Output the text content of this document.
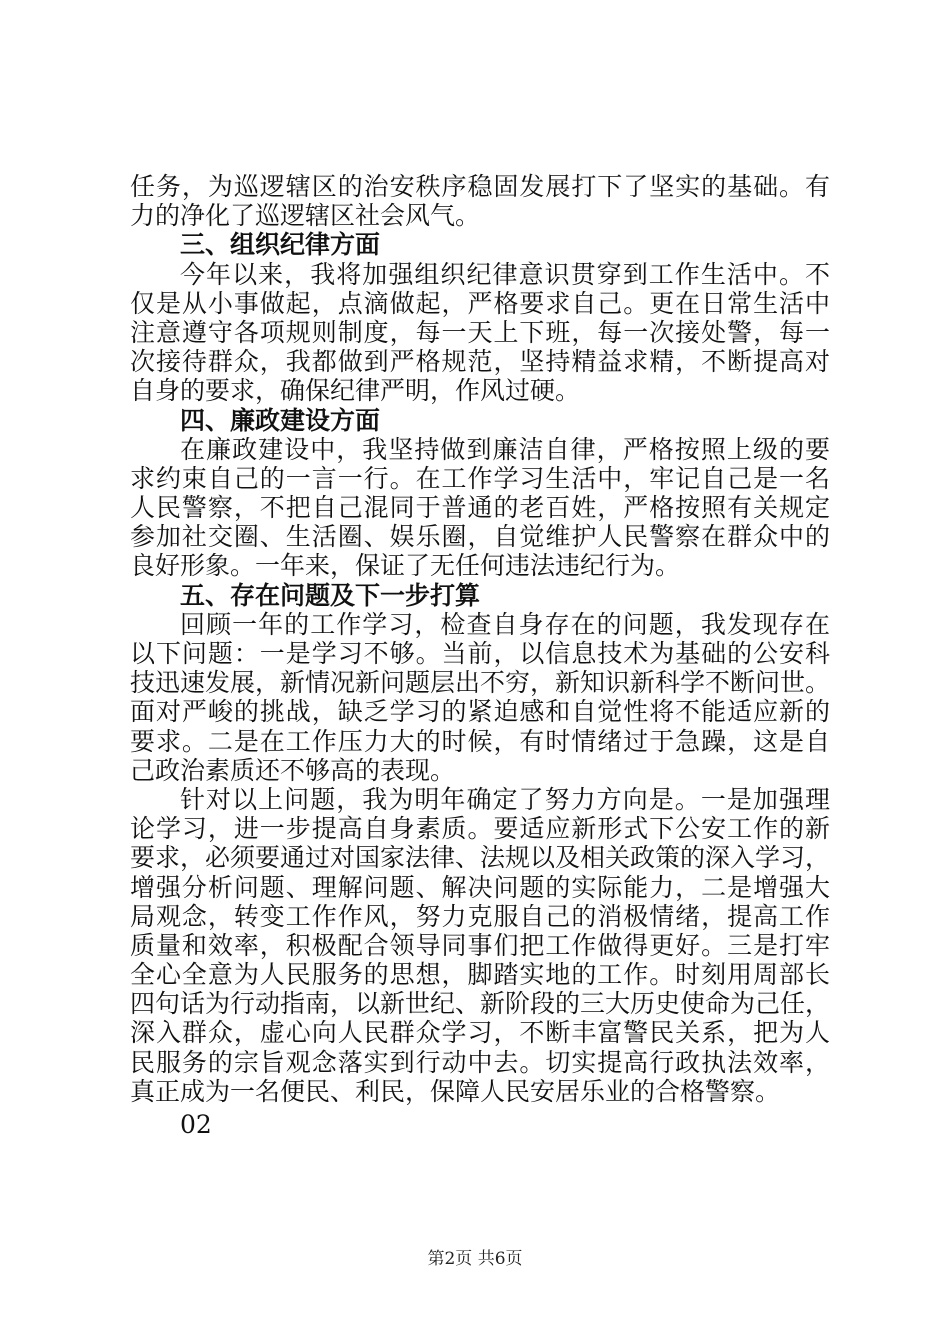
任务，为巡逻辖区的治安秩序稳固发展打下了坚实的基础。有
力的净化了巡逻辖区社会风气。
三、组织纪律方面
今年以来，我将加强组织纪律意识贯穿到工作生活中。不
仅是从小事做起，点滴做起，严格要求自己。更在日常生活中
注意遵守各项规则制度，每一天上下班，每一次接处警，每一
次接待群众，我都做到严格规范，坚持精益求精，不断提高对
自身的要求，确保纪律严明，作风过硬。
四、廉政建设方面
在廉政建设中，我坚持做到廉洁自律，严格按照上级的要
求约束自己的一言一行。在工作学习生活中，牢记自己是一名
人民警察，不把自己混同于普通的老百姓，严格按照有关规定
参加社交圈、生活圈、娱乐圈，自觉维护人民警察在群众中的
良好形象。一年来，保证了无任何违法违纪行为。
五、存在问题及下一步打算
回顾一年的工作学习，检查自身存在的问题，我发现存在
以下问题：一是学习不够。当前，以信息技术为基础的公安科
技迅速发展，新情况新问题层出不穷，新知识新科学不断问世。
面对严峻的挑战，缺乏学习的紧迫感和自觉性将不能适应新的
要求。二是在工作压力大的时候，有时情绪过于急躁，这是自
己政治素质还不够高的表现。
针对以上问题，我为明年确定了努力方向是。一是加强理
论学习，进一步提高自身素质。要适应新形式下公安工作的新
要求，必须要通过对国家法律、法规以及相关政策的深入学习，
增强分析问题、理解问题、解决问题的实际能力，二是增强大
局观念，转变工作作风，努力克服自己的消极情绪，提高工作
质量和效率，积极配合领导同事们把工作做得更好。三是打牢
全心全意为人民服务的思想，脚踏实地的工作。时刻用周部长
四句话为行动指南，以新世纪、新阶段的三大历史使命为己任，
深入群众，虚心向人民群众学习，不断丰富警民关系，把为人
民服务的宗旨观念落实到行动中去。切实提高行政执法效率，
真正成为一名便民、利民，保障人民安居乐业的合格警察。
02
第2页 共6页
